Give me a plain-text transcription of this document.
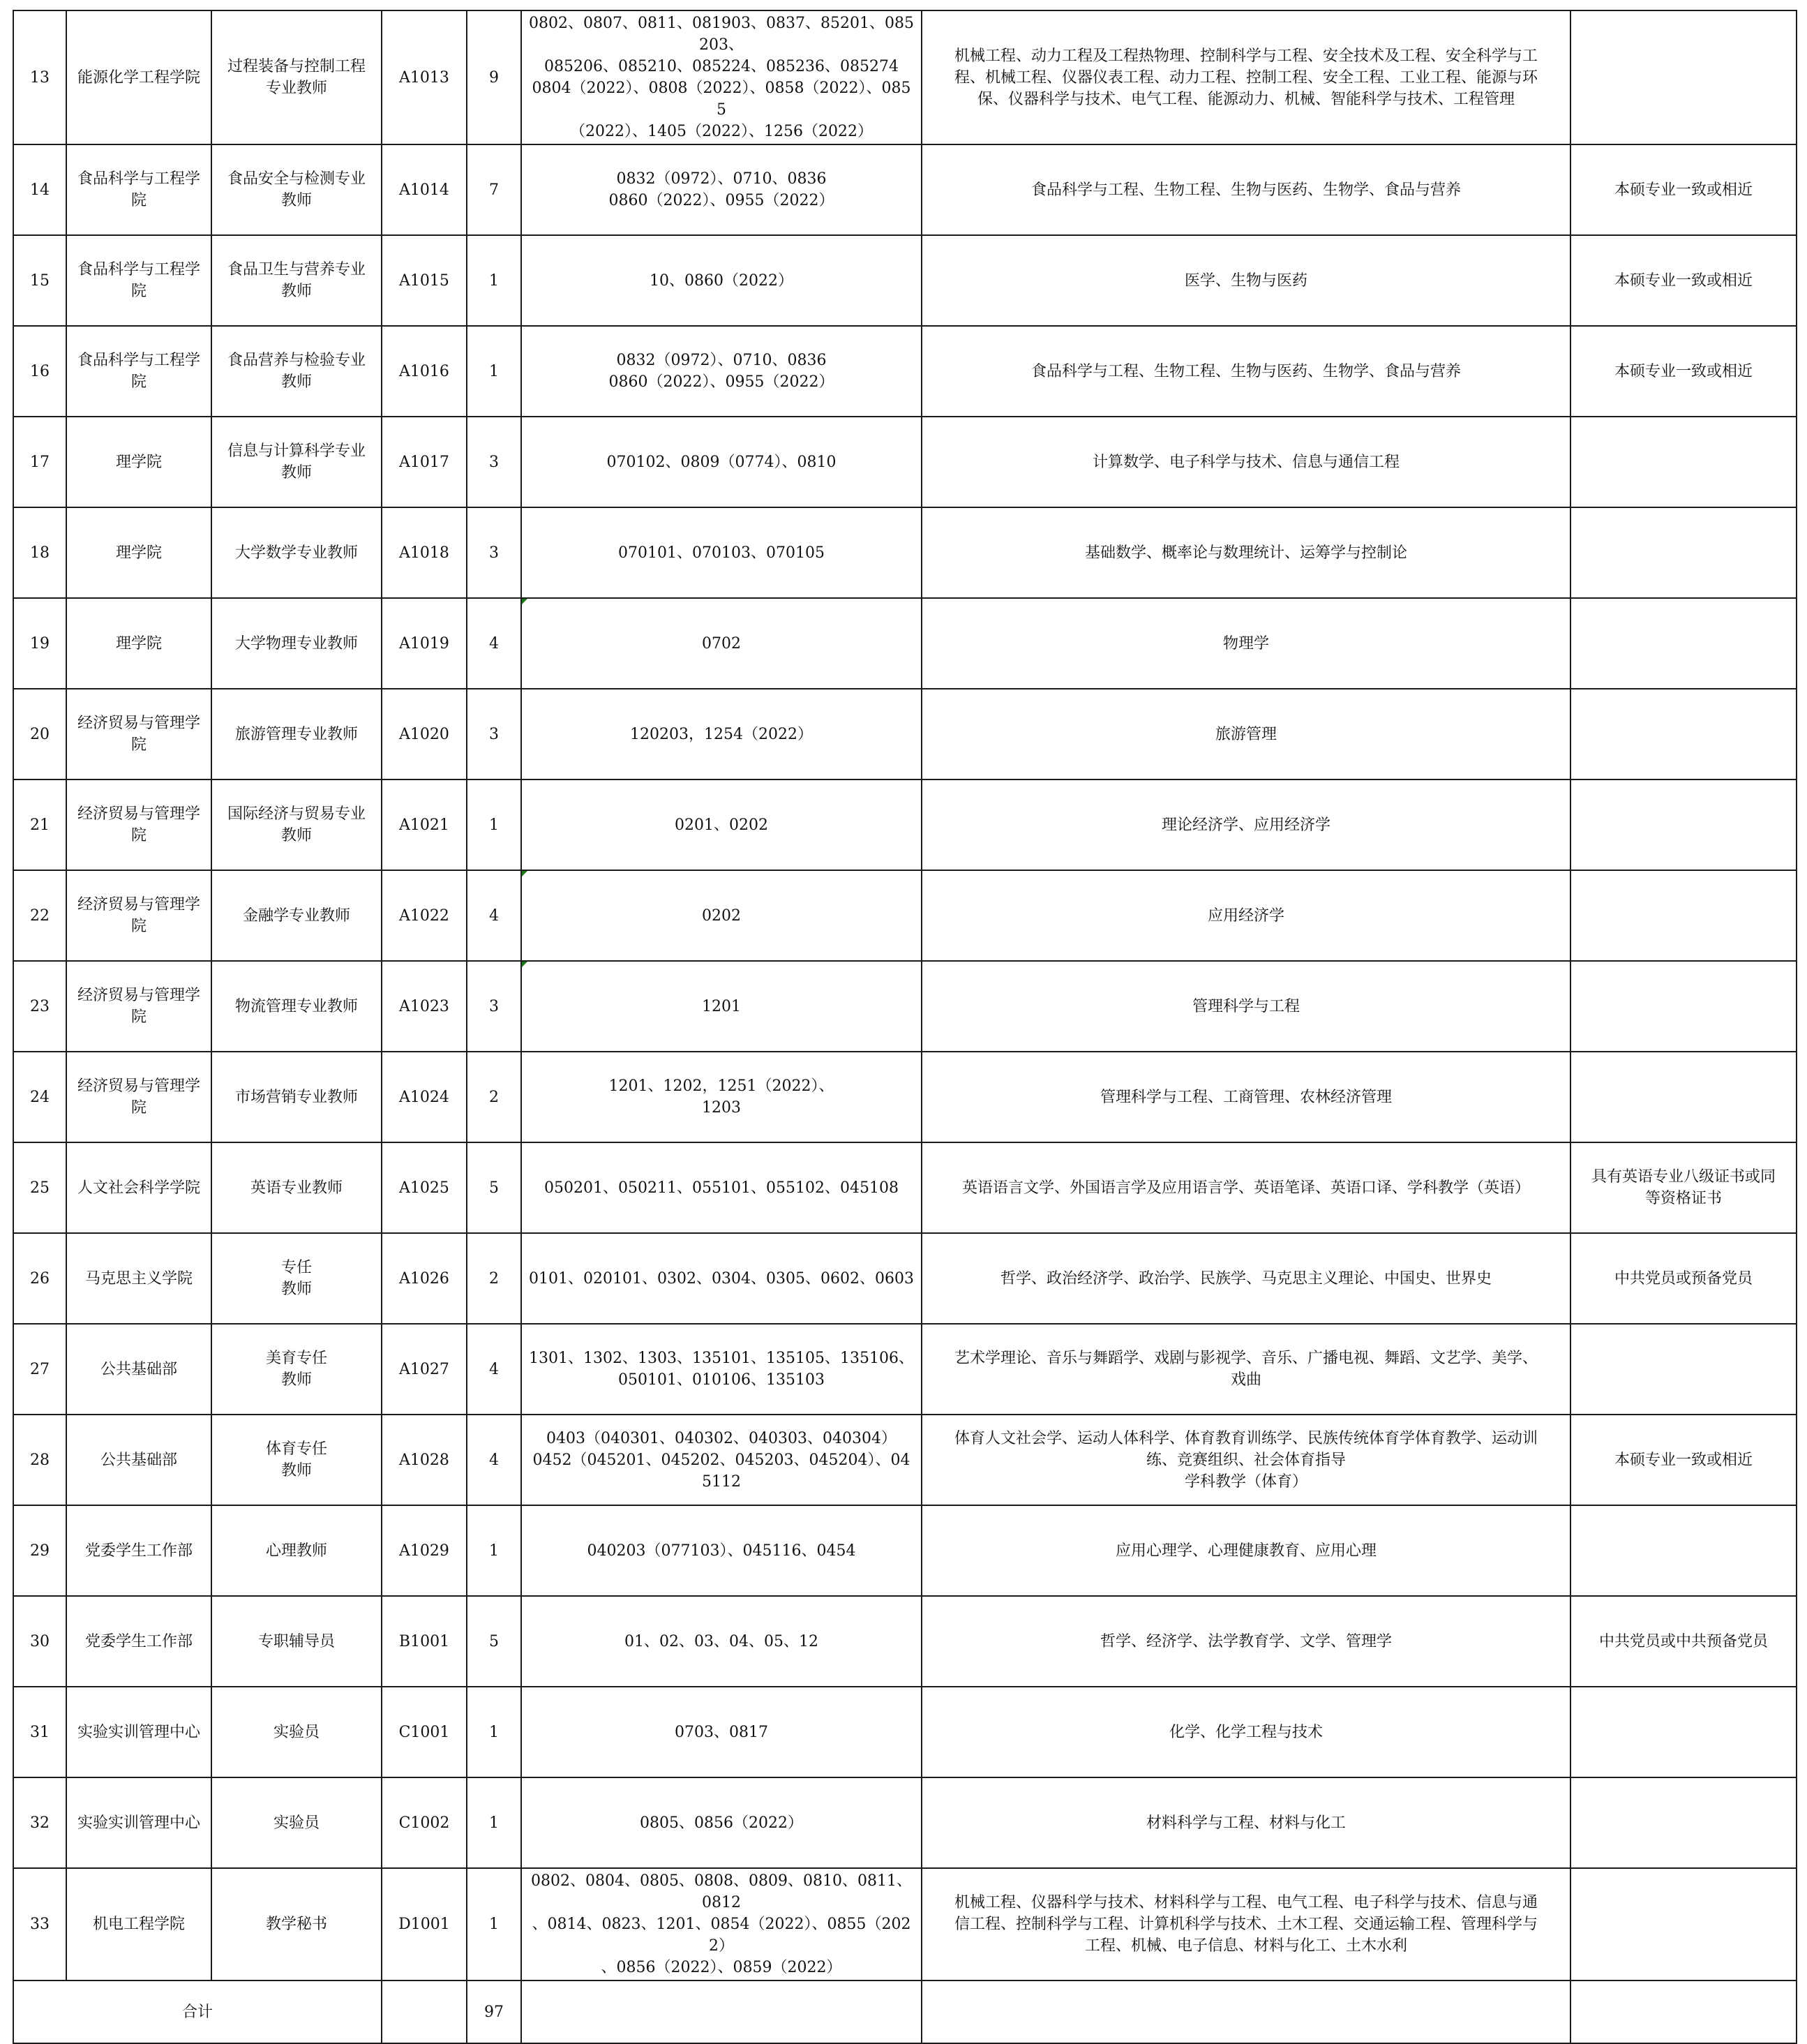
13	能源化学工程学院	过程装备与控制工程
专业教师	A1013	9	0802、0807、0811、081903、0837、85201、085203、
085206、085210、085224、085236、085274
0804（2022）、0808（2022）、0858（2022）、0855
（2022）、1405（2022）、1256（2022）	机械工程、动力工程及工程热物理、控制科学与工程、安全技术及工程、安全科学与工
程、机械工程、仪器仪表工程、动力工程、控制工程、安全工程、工业工程、能源与环
保、仪器科学与技术、电气工程、能源动力、机械、智能科学与技术、工程管理	

14	食品科学与工程学
院	食品安全与检测专业
教师	A1014	7	0832（0972）、0710、0836
0860（2022）、0955（2022）	食品科学与工程、生物工程、生物与医药、生物学、食品与营养	本硕专业一致或相近

15	食品科学与工程学
院	食品卫生与营养专业
教师	A1015	1	10、0860（2022）	医学、生物与医药	本硕专业一致或相近

16	食品科学与工程学
院	食品营养与检验专业
教师	A1016	1	0832（0972）、0710、0836
0860（2022）、0955（2022）	食品科学与工程、生物工程、生物与医药、生物学、食品与营养	本硕专业一致或相近

17	理学院	信息与计算科学专业
教师	A1017	3	070102、0809（0774）、0810	计算数学、电子科学与技术、信息与通信工程	

18	理学院	大学数学专业教师	A1018	3	070101、070103、070105	基础数学、概率论与数理统计、运筹学与控制论	

19	理学院	大学物理专业教师	A1019	4	0702	物理学	

20	经济贸易与管理学
院	旅游管理专业教师	A1020	3	120203，1254（2022）	旅游管理	

21	经济贸易与管理学
院	国际经济与贸易专业
教师	A1021	1	0201、0202	理论经济学、应用经济学	

22	经济贸易与管理学
院	金融学专业教师	A1022	4	0202	应用经济学	

23	经济贸易与管理学
院	物流管理专业教师	A1023	3	1201	管理科学与工程	

24	经济贸易与管理学
院	市场营销专业教师	A1024	2	1201、1202，1251（2022）、
1203	管理科学与工程、工商管理、农林经济管理	

25	人文社会科学学院	英语专业教师	A1025	5	050201、050211、055101、055102、045108	英语语言文学、外国语言学及应用语言学、英语笔译、英语口译、学科教学（英语）	具有英语专业八级证书或同
等资格证书

26	马克思主义学院	专任
教师	A1026	2	0101、020101、0302、0304、0305、0602、0603	哲学、政治经济学、政治学、民族学、马克思主义理论、中国史、世界史	中共党员或预备党员

27	公共基础部	美育专任
教师	A1027	4	1301、1302、1303、135101、135105、135106、
050101、010106、135103	艺术学理论、音乐与舞蹈学、戏剧与影视学、音乐、广播电视、舞蹈、文艺学、美学、
戏曲	

28	公共基础部	体育专任
教师	A1028	4	0403（040301、040302、040303、040304）
0452（045201、045202、045203、045204）、045112	体育人文社会学、运动人体科学、体育教育训练学、民族传统体育学体育教学、运动训
练、竞赛组织、社会体育指导
学科教学（体育）	本硕专业一致或相近

29	党委学生工作部	心理教师	A1029	1	040203（077103）、045116、0454	应用心理学、心理健康教育、应用心理	

30	党委学生工作部	专职辅导员	B1001	5	01、02、03、04、05、12	哲学、经济学、法学教育学、文学、管理学	中共党员或中共预备党员

31	实验实训管理中心	实验员	C1001	1	0703、0817	化学、化学工程与技术	

32	实验实训管理中心	实验员	C1002	1	0805、0856（2022）	材料科学与工程、材料与化工	

33	机电工程学院	教学秘书	D1001	1	0802、0804、0805、0808、0809、0810、0811、0812
、0814、0823、1201、0854（2022）、0855（2022）
、0856（2022）、0859（2022）	机械工程、仪器科学与技术、材料科学与工程、电气工程、电子科学与技术、信息与通
信工程、控制科学与工程、计算机科学与技术、土木工程、交通运输工程、管理科学与
工程、机械、电子信息、材料与化工、土木水利	

合计				97			
